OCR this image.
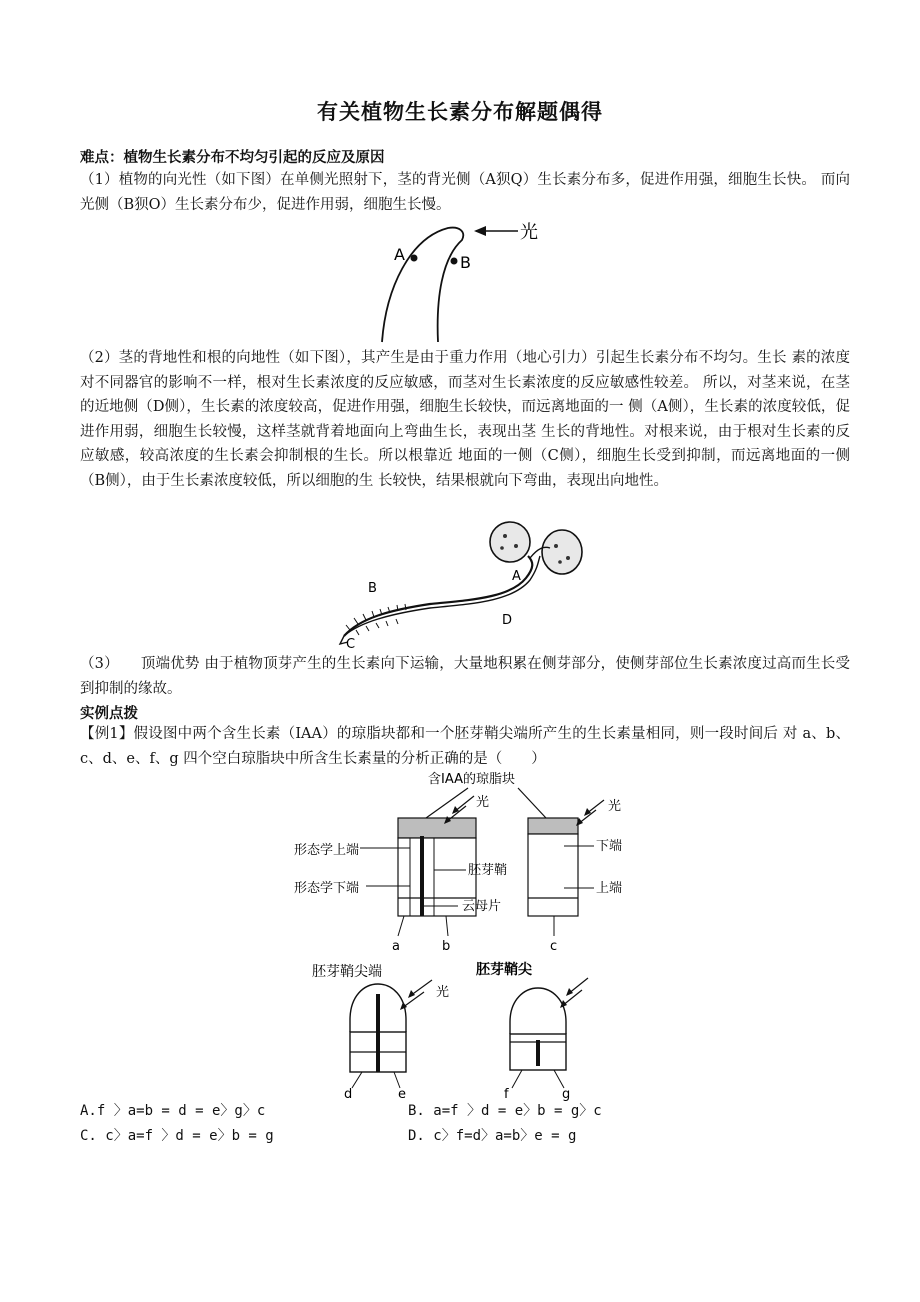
有关植物生长素分布解题偶得
难点：植物生长素分布不均匀引起的反应及原因
（1）植物的向光性（如下图）在单侧光照射下，茎的背光侧（A狈Q）生长素分布多，促进作用强，细胞生长快。 而向光侧（B狈O）生长素分布少，促进作用弱，细胞生长慢。
A	B
光
（2）茎的背地性和根的向地性（如下图），其产生是由于重力作用（地心引力）引起生长素分布不均匀。生长 素的浓度对不同器官的影响不一样，根对生长素浓度的反应敏感，而茎对生长素浓度的反应敏感性较差。 所以，对茎来说，在茎的近地侧（D侧），生长素的浓度较高，促进作用强，细胞生长较快，而远离地面的一 侧（A侧），生长素的浓度较低，促进作用弱，细胞生长较慢，这样茎就背着地面向上弯曲生长，表现出茎 生长的背地性。对根来说，由于根对生长素的反应敏感，较高浓度的生长素会抑制根的生长。所以根靠近 地面的一侧（C侧），细胞生长受到抑制，而远离地面的一侧（B侧），由于生长素浓度较低，所以细胞的生 长较快，结果根就向下弯曲，表现出向地性。
A
B
C
D
（3）　　顶端优势 由于植物顶芽产生的生长素向下运输，大量地积累在侧芽部分，使侧芽部位生长素浓度过高而生长受 到抑制的缘故。
实例点拨
【例1】假设图中两个含生长素（IAA）的琼脂块都和一个胚芽鞘尖端所产生的生长素量相同，则一段时间后 对 a、b、c、d、e、f、g 四个空白琼脂块中所含生长素量的分析正确的是（　　）
含IAA的琼脂块
形态学上端
形态学下端
胚芽鞘
云母片
a	b
光
下端
上端
c
光
胚芽鞘尖端
d	e
光
胚芽鞘尖
f	g
A.f 〉a=b = d = e〉g〉c	B. a=f 〉d = e〉b = g〉c
C. c〉a=f 〉d = e〉b = g	D. c〉f=d〉a=b〉e = g
